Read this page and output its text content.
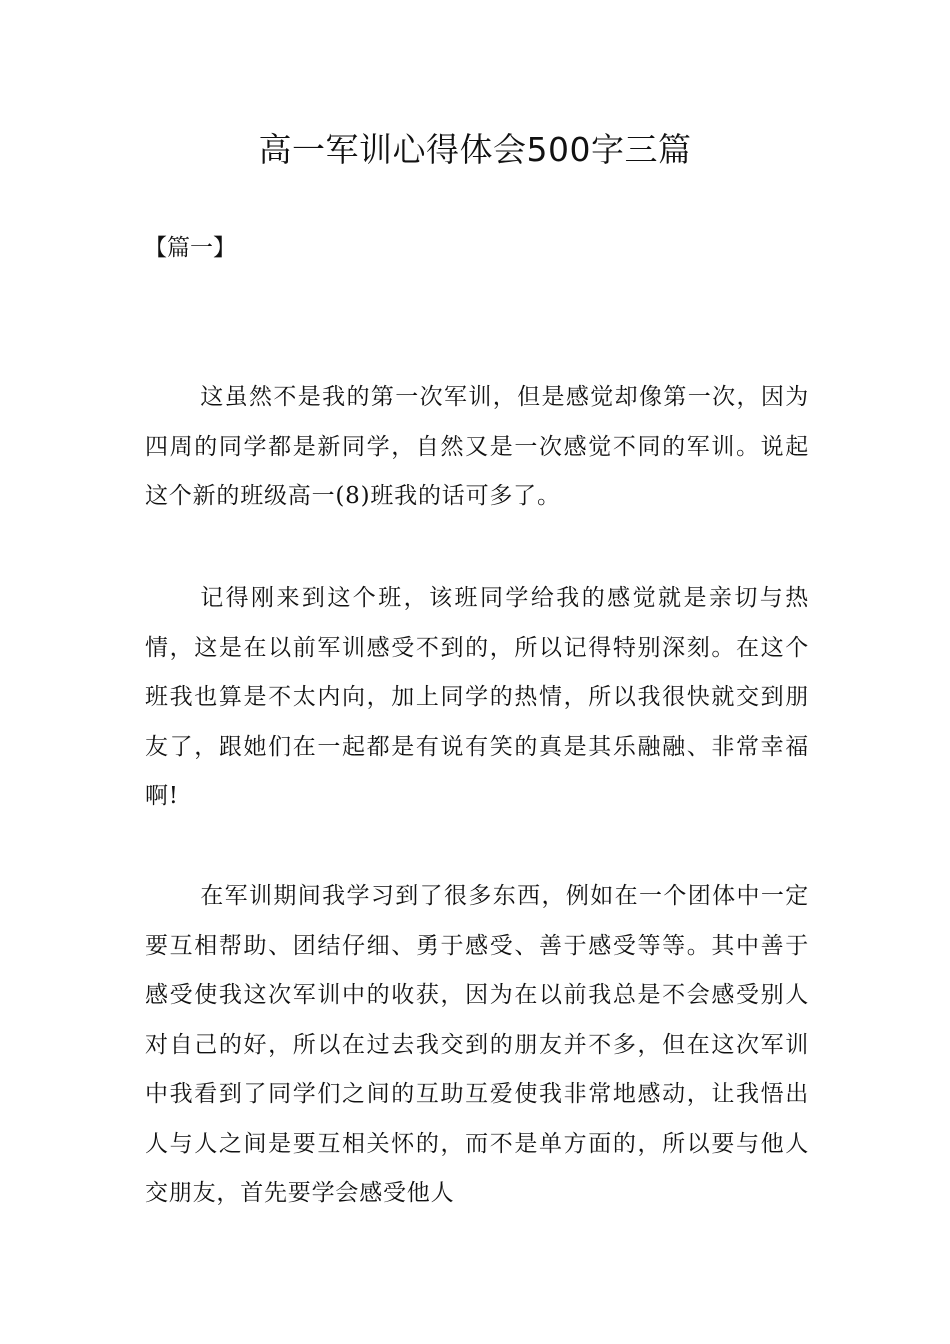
高一军训心得体会500字三篇
【篇一】

这虽然不是我的第一次军训，但是感觉却像第一次，因为四周的同学都是新同学，自然又是一次感觉不同的军训。说起这个新的班级高一(8)班我的话可多了。

记得刚来到这个班，该班同学给我的感觉就是亲切与热情，这是在以前军训感受不到的，所以记得特别深刻。在这个班我也算是不太内向，加上同学的热情，所以我很快就交到朋友了，跟她们在一起都是有说有笑的真是其乐融融、非常幸福啊!

在军训期间我学习到了很多东西，例如在一个团体中一定要互相帮助、团结仔细、勇于感受、善于感受等等。其中善于感受使我这次军训中的收获，因为在以前我总是不会感受别人对自己的好，所以在过去我交到的朋友并不多，但在这次军训中我看到了同学们之间的互助互爱使我非常地感动，让我悟出人与人之间是要互相关怀的，而不是单方面的，所以要与他人交朋友，首先要学会感受他人
